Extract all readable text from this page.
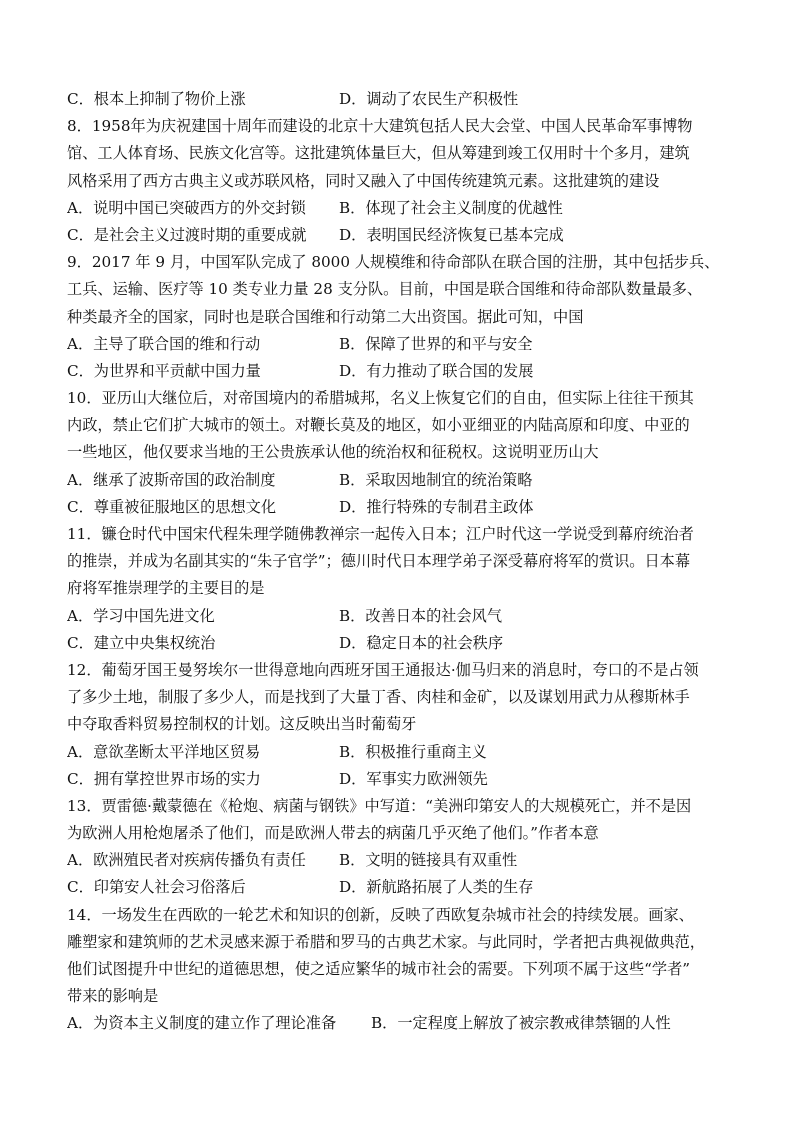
C．根本上抑制了物价上涨	D．调动了农民生产积极性
8．1958年为庆祝建国十周年而建设的北京十大建筑包括人民大会堂、中国人民革命军事博物
馆、工人体育场、民族文化宫等。这批建筑体量巨大，但从筹建到竣工仅用时十个多月，建筑
风格采用了西方古典主义或苏联风格，同时又融入了中国传统建筑元素。这批建筑的建设
A．说明中国已突破西方的外交封锁	B．体现了社会主义制度的优越性
C．是社会主义过渡时期的重要成就	D．表明国民经济恢复已基本完成
9．2017 年 9 月，中国军队完成了 8000 人规模维和待命部队在联合国的注册，其中包括步兵、
工兵、运输、医疗等 10 类专业力量 28 支分队。目前，中国是联合国维和待命部队数量最多、
种类最齐全的国家，同时也是联合国维和行动第二大出资国。据此可知，中国
A．主导了联合国的维和行动	B．保障了世界的和平与安全
C．为世界和平贡献中国力量	D．有力推动了联合国的发展
10．亚历山大继位后，对帝国境内的希腊城邦，名义上恢复它们的自由，但实际上往往干预其
内政，禁止它们扩大城市的领土。对鞭长莫及的地区，如小亚细亚的内陆高原和印度、中亚的
一些地区，他仅要求当地的王公贵族承认他的统治权和征税权。这说明亚历山大
A．继承了波斯帝国的政治制度	B．采取因地制宜的统治策略
C．尊重被征服地区的思想文化	D．推行特殊的专制君主政体
11．镰仓时代中国宋代程朱理学随佛教禅宗一起传入日本；江户时代这一学说受到幕府统治者
的推崇，并成为名副其实的“朱子官学”；德川时代日本理学弟子深受幕府将军的赏识。日本幕
府将军推崇理学的主要目的是
A．学习中国先进文化	B．改善日本的社会风气
C．建立中央集权统治	D．稳定日本的社会秩序
12．葡萄牙国王曼努埃尔一世得意地向西班牙国王通报达·伽马归来的消息时，夸口的不是占领
了多少土地，制服了多少人，而是找到了大量丁香、肉桂和金矿，以及谋划用武力从穆斯林手
中夺取香料贸易控制权的计划。这反映出当时葡萄牙
A．意欲垄断太平洋地区贸易	B．积极推行重商主义
C．拥有掌控世界市场的实力	D．军事实力欧洲领先
13．贾雷德·戴蒙德在《枪炮、病菌与钢铁》中写道：“美洲印第安人的大规模死亡，并不是因
为欧洲人用枪炮屠杀了他们，而是欧洲人带去的病菌几乎灭绝了他们。”作者本意
A．欧洲殖民者对疾病传播负有责任	B．文明的链接具有双重性
C．印第安人社会习俗落后	D．新航路拓展了人类的生存
14．一场发生在西欧的一轮艺术和知识的创新，反映了西欧复杂城市社会的持续发展。画家、
雕塑家和建筑师的艺术灵感来源于希腊和罗马的古典艺术家。与此同时，学者把古典视做典范，
他们试图提升中世纪的道德思想，使之适应繁华的城市社会的需要。下列项不属于这些“学者”
带来的影响是
A．为资本主义制度的建立作了理论准备	B．一定程度上解放了被宗教戒律禁锢的人性
